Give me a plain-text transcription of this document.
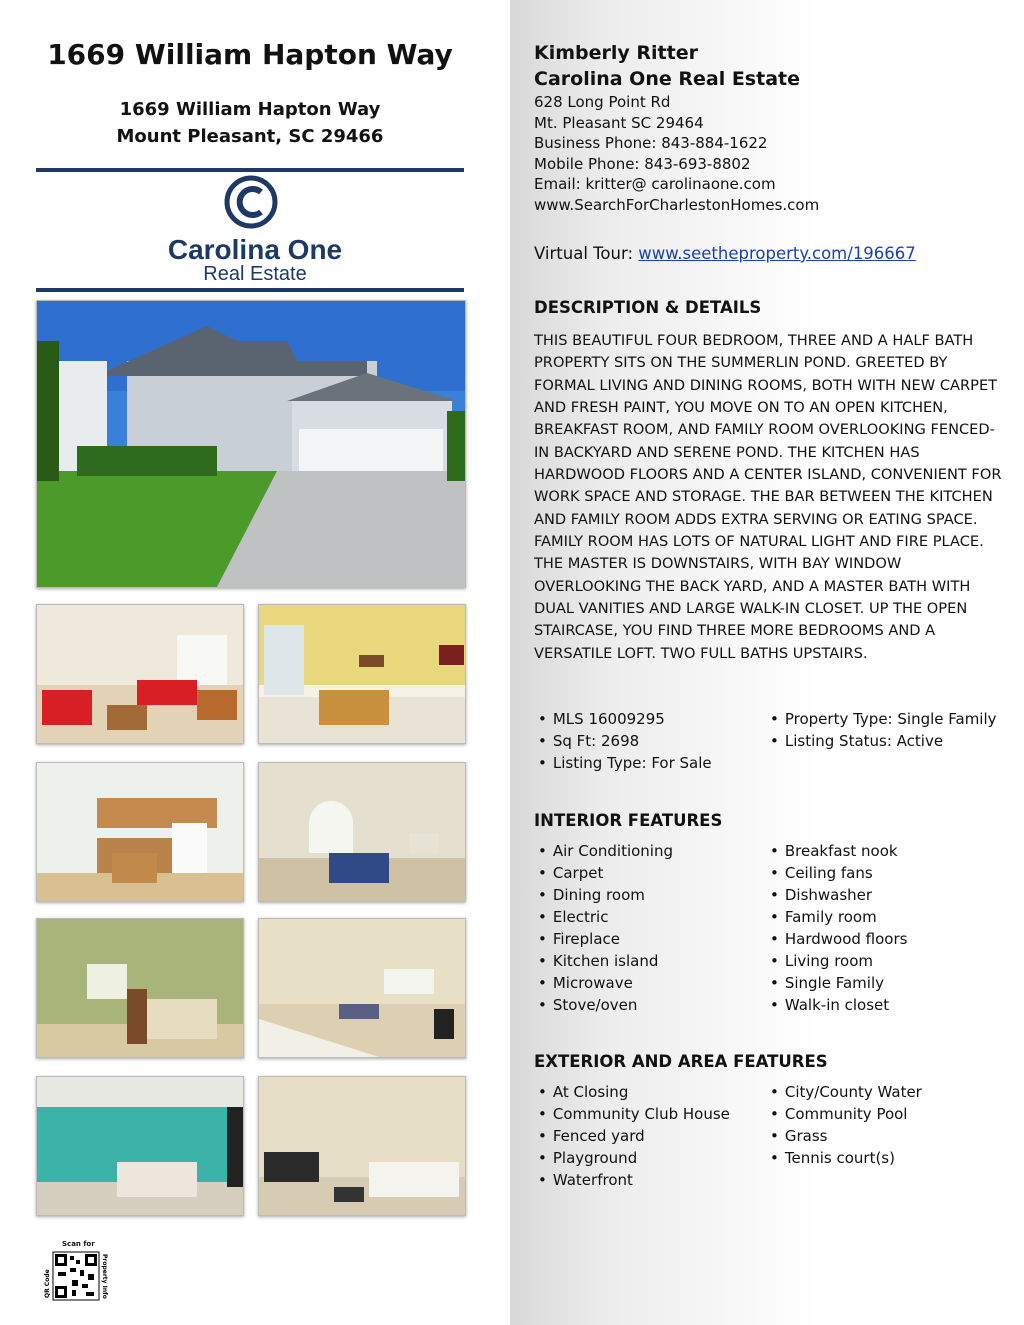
1669 William Hapton Way
1669 William Hapton Way
Mount Pleasant, SC 29466
Carolina One
Real Estate
QR Code	Property Info
Scan for
Kimberly Ritter
Carolina One Real Estate
628 Long Point Rd
Mt. Pleasant SC 29464
Business Phone: 843-884-1622
Mobile Phone: 843-693-8802
Email: kritter@ carolinaone.com
www.SearchForCharlestonHomes.com
Virtual Tour: www.seetheproperty.com/196667
DESCRIPTION & DETAILS
THIS BEAUTIFUL FOUR BEDROOM, THREE AND A HALF BATH PROPERTY SITS ON THE SUMMERLIN POND. GREETED BY FORMAL LIVING AND DINING ROOMS, BOTH WITH NEW CARPET AND FRESH PAINT, YOU MOVE ON TO AN OPEN KITCHEN, BREAKFAST ROOM, AND FAMILY ROOM OVERLOOKING FENCED-IN BACKYARD AND SERENE POND. THE KITCHEN HAS HARDWOOD FLOORS AND A CENTER ISLAND, CONVENIENT FOR WORK SPACE AND STORAGE. THE BAR BETWEEN THE KITCHEN AND FAMILY ROOM ADDS EXTRA SERVING OR EATING SPACE. FAMILY ROOM HAS LOTS OF NATURAL LIGHT AND FIRE PLACE. THE MASTER IS DOWNSTAIRS, WITH BAY WINDOW OVERLOOKING THE BACK YARD, AND A MASTER BATH WITH DUAL VANITIES AND LARGE WALK-IN CLOSET. UP THE OPEN STAIRCASE, YOU FIND THREE MORE BEDROOMS AND A VERSATILE LOFT. TWO FULL BATHS UPSTAIRS.
• MLS 16009295
• Sq Ft: 2698
• Listing Type: For Sale
• Property Type: Single Family
• Listing Status: Active
INTERIOR FEATURES
• Air Conditioning
• Carpet
• Dining room
• Electric
• Fireplace
• Kitchen island
• Microwave
• Stove/oven
• Breakfast nook
• Ceiling fans
• Dishwasher
• Family room
• Hardwood floors
• Living room
• Single Family
• Walk-in closet
EXTERIOR AND AREA FEATURES
• At Closing
• Community Club House
• Fenced yard
• Playground
• Waterfront
• City/County Water
• Community Pool
• Grass
• Tennis court(s)
